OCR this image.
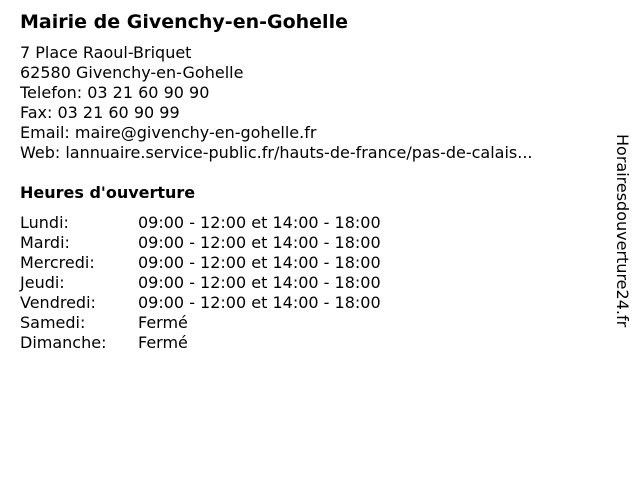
Mairie de Givenchy-en-Gohelle
7 Place Raoul-Briquet
62580 Givenchy-en-Gohelle
Telefon: 03 21 60 90 90
Fax: 03 21 60 90 99
Email: maire@givenchy-en-gohelle.fr
Web: lannuaire.service-public.fr/hauts-de-france/pas-de-calais...
Heures d'ouverture
Lundi:	09:00 - 12:00 et 14:00 - 18:00
Mardi:	09:00 - 12:00 et 14:00 - 18:00
Mercredi:	09:00 - 12:00 et 14:00 - 18:00
Jeudi:	09:00 - 12:00 et 14:00 - 18:00
Vendredi:	09:00 - 12:00 et 14:00 - 18:00
Samedi:	Fermé
Dimanche:	Fermé
Horairesdouverture24.fr
